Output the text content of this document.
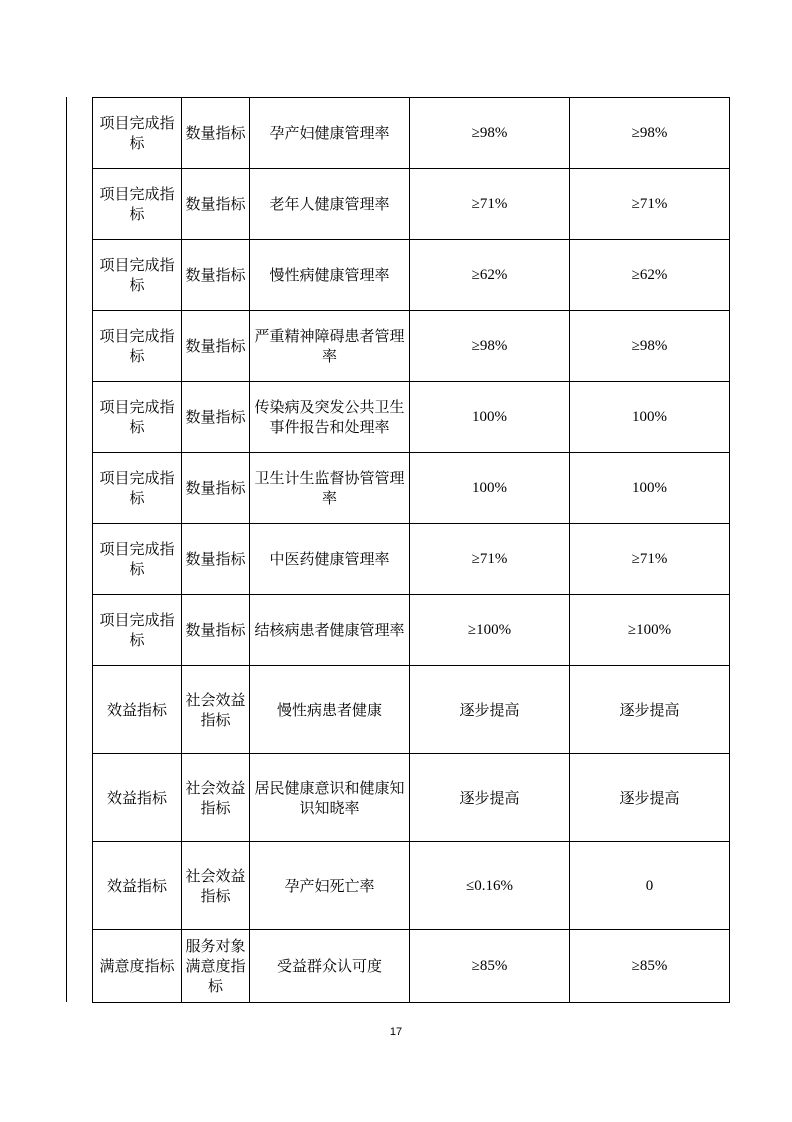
项目完成指标	数量指标	孕产妇健康管理率	≥98%	≥98%
项目完成指标	数量指标	老年人健康管理率	≥71%	≥71%
项目完成指标	数量指标	慢性病健康管理率	≥62%	≥62%
项目完成指标	数量指标	严重精神障碍患者管理率	≥98%	≥98%
项目完成指标	数量指标	传染病及突发公共卫生事件报告和处理率	100%	100%
项目完成指标	数量指标	卫生计生监督协管管理率	100%	100%
项目完成指标	数量指标	中医药健康管理率	≥71%	≥71%
项目完成指标	数量指标	结核病患者健康管理率	≥100%	≥100%
效益指标	社会效益指标	慢性病患者健康	逐步提高	逐步提高
效益指标	社会效益指标	居民健康意识和健康知识知晓率	逐步提高	逐步提高
效益指标	社会效益指标	孕产妇死亡率	≤0.16%	0
满意度指标	服务对象满意度指标	受益群众认可度	≥85%	≥85%
17
